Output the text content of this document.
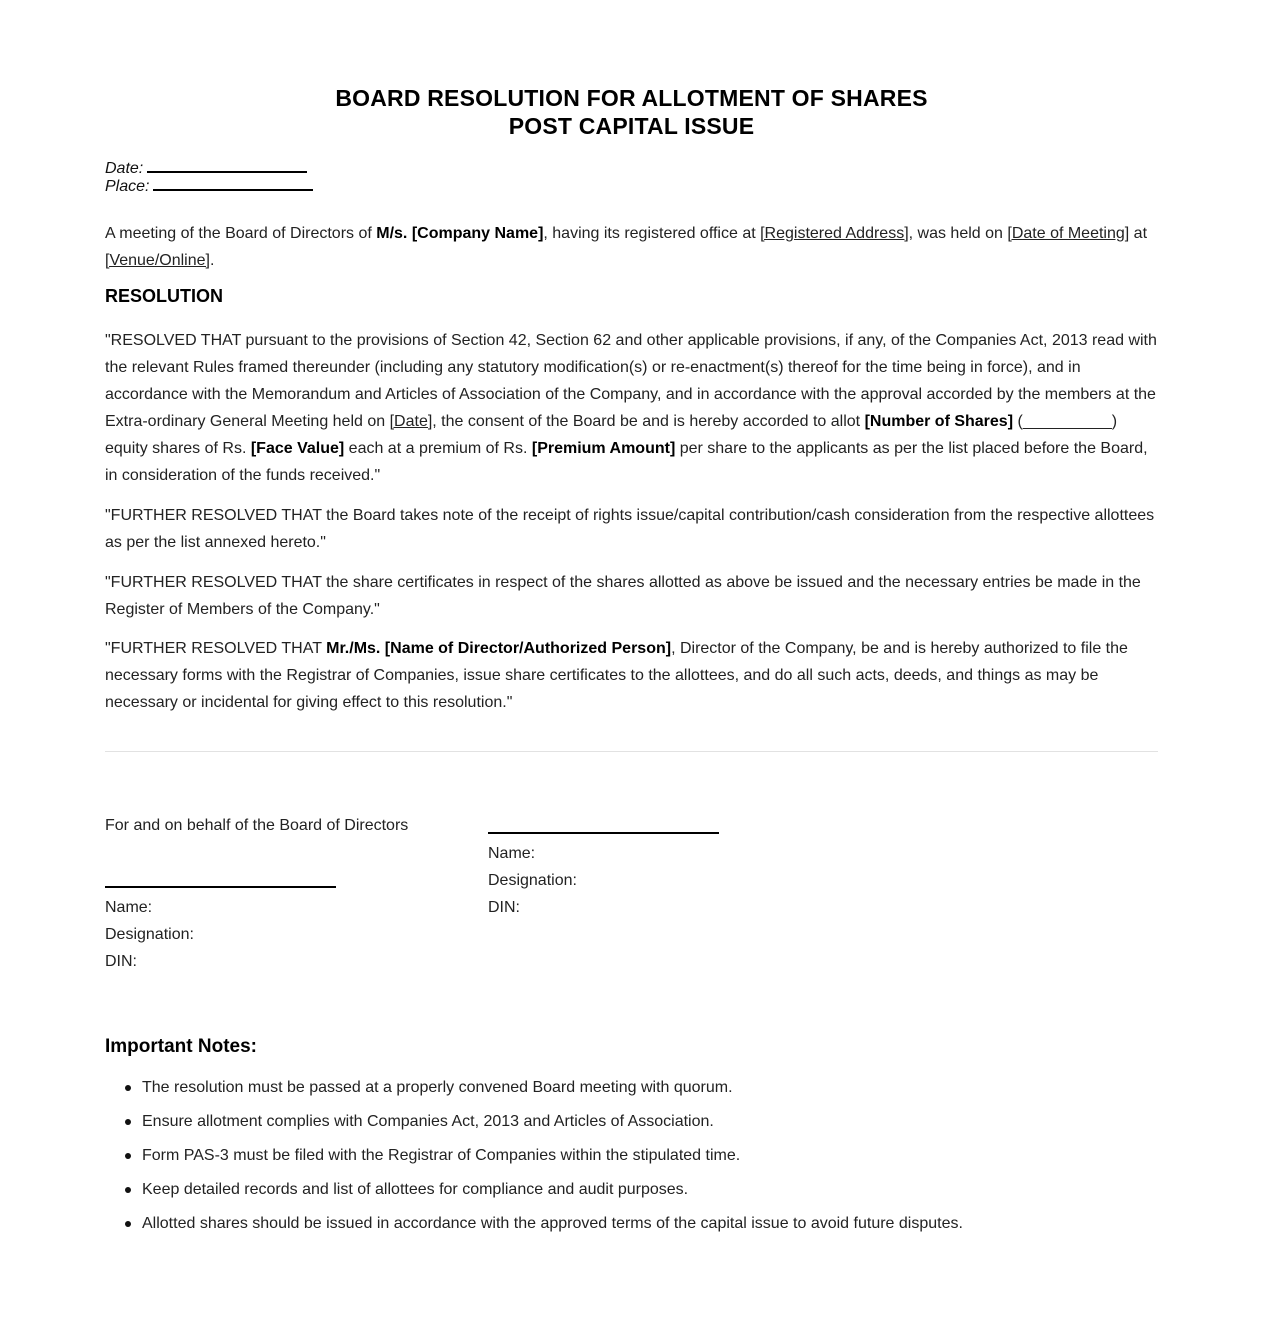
BOARD RESOLUTION FOR ALLOTMENT OF SHARES
POST CAPITAL ISSUE
Date:
Place:
A meeting of the Board of Directors of M/s. [Company Name], having its registered office at [Registered Address], was held on [Date of Meeting] at [Venue/Online].
RESOLUTION
"RESOLVED THAT pursuant to the provisions of Section 42, Section 62 and other applicable provisions, if any, of the Companies Act, 2013 read with the relevant Rules framed thereunder (including any statutory modification(s) or re-enactment(s) thereof for the time being in force), and in accordance with the Memorandum and Articles of Association of the Company, and in accordance with the approval accorded by the members at the Extra-ordinary General Meeting held on [Date], the consent of the Board be and is hereby accorded to allot [Number of Shares] (__________) equity shares of Rs. [Face Value] each at a premium of Rs. [Premium Amount] per share to the applicants as per the list placed before the Board, in consideration of the funds received."
"FURTHER RESOLVED THAT the Board takes note of the receipt of rights issue/capital contribution/cash consideration from the respective allottees as per the list annexed hereto."
"FURTHER RESOLVED THAT the share certificates in respect of the shares allotted as above be issued and the necessary entries be made in the Register of Members of the Company."
"FURTHER RESOLVED THAT Mr./Ms. [Name of Director/Authorized Person], Director of the Company, be and is hereby authorized to file the necessary forms with the Registrar of Companies, issue share certificates to the allottees, and do all such acts, deeds, and things as may be necessary or incidental for giving effect to this resolution."
For and on behalf of the Board of Directors
Name:
Designation:
DIN:
Name:
Designation:
DIN:
Important Notes:
The resolution must be passed at a properly convened Board meeting with quorum.
Ensure allotment complies with Companies Act, 2013 and Articles of Association.
Form PAS-3 must be filed with the Registrar of Companies within the stipulated time.
Keep detailed records and list of allottees for compliance and audit purposes.
Allotted shares should be issued in accordance with the approved terms of the capital issue to avoid future disputes.
